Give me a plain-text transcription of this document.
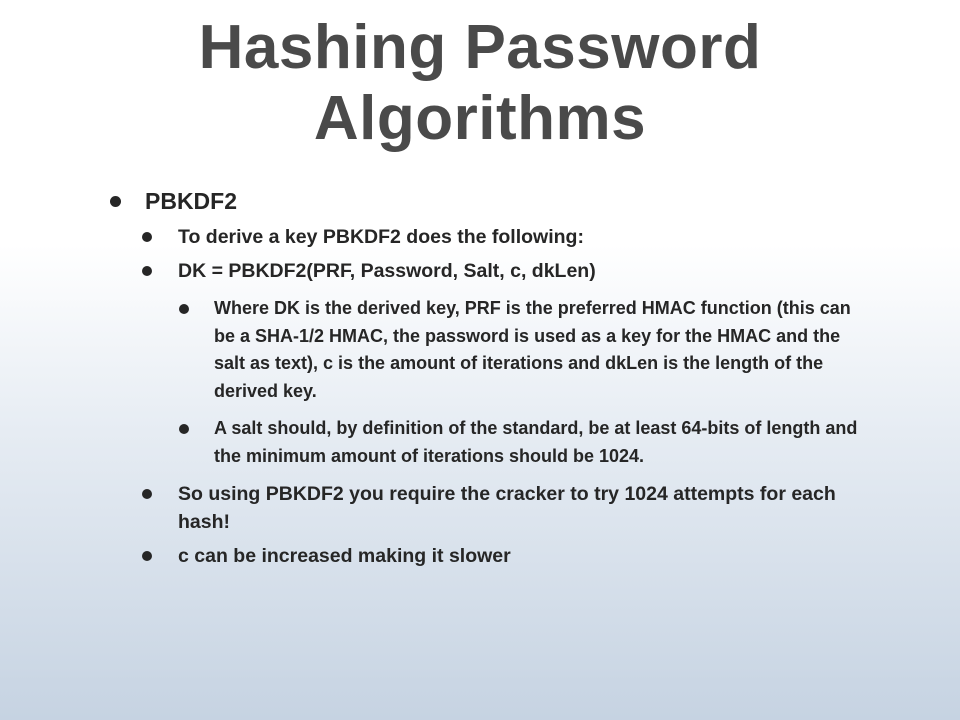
Hashing Password
Algorithms
PBKDF2
To derive a key PBKDF2 does the following:
DK = PBKDF2(PRF, Password, Salt, c, dkLen)
Where DK is the derived key, PRF is the preferred HMAC function (this can be a SHA-1/2 HMAC, the password is used as a key for the HMAC and the salt as text), c is the amount of iterations and dkLen is the length of the derived key.
A salt should, by definition of the standard, be at least 64-bits of length and the minimum amount of iterations should be 1024.
So using PBKDF2 you require the cracker to try 1024 attempts for each hash!
c can be increased making it slower
